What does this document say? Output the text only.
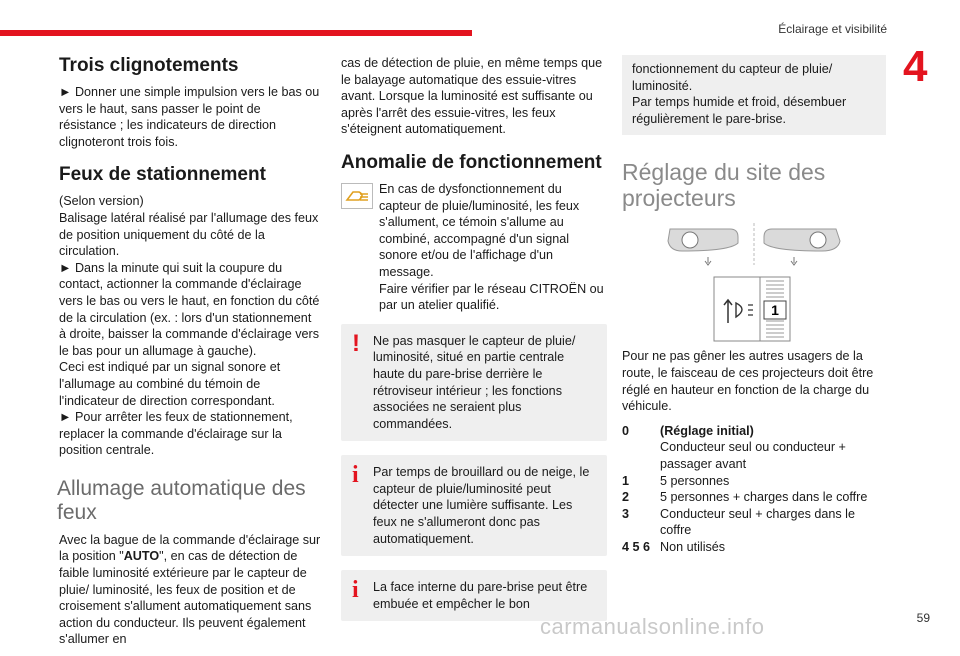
Éclairage et visibilité
4
Trois clignotements

► Donner une simple impulsion vers le bas ou vers le haut, sans passer le point de résistance ; les indicateurs de direction clignoteront trois fois.

Feux de stationnement

(Selon version)
Balisage latéral réalisé par l'allumage des feux de position uniquement du côté de la circulation.
► Dans la minute qui suit la coupure du contact, actionner la commande d'éclairage vers le bas ou vers le haut, en fonction du côté de la circulation (ex. : lors d'un stationnement à droite, baisser la commande d'éclairage vers le bas pour un allumage à gauche).
Ceci est indiqué par un signal sonore et l'allumage au combiné du témoin de l'indicateur de direction correspondant.
► Pour arrêter les feux de stationnement, replacer la commande d'éclairage sur la position centrale.

Allumage automatique des feux

Avec la bague de la commande d'éclairage sur la position "AUTO", en cas de détection de faible luminosité extérieure par le capteur de pluie/ luminosité, les feux de position et de croisement s'allument automatiquement sans action du conducteur. Ils peuvent également s'allumer en

cas de détection de pluie, en même temps que le balayage automatique des essuie-vitres avant. Lorsque la luminosité est suffisante ou après l'arrêt des essuie-vitres, les feux s'éteignent automatiquement.

Anomalie de fonctionnement

En cas de dysfonctionnement du capteur de pluie/luminosité, les feux s'allument, ce témoin s'allume au combiné, accompagné d'un signal sonore et/ou de l'affichage d'un message.
Faire vérifier par le réseau CITROËN ou par un atelier qualifié.

! Ne pas masquer le capteur de pluie/ luminosité, situé en partie centrale haute du pare-brise derrière le rétroviseur intérieur ; les fonctions associées ne seraient plus commandées.
i Par temps de brouillard ou de neige, le capteur de pluie/luminosité peut détecter une lumière suffisante. Les feux ne s'allumeront donc pas automatiquement.
i La face interne du pare-brise peut être embuée et empêcher le bon
fonctionnement du capteur de pluie/ luminosité.
Par temps humide et froid, désembuer régulièrement le pare-brise.
Réglage du site des projecteurs
1

Pour ne pas gêner les autres usagers de la route, le faisceau de ces projecteurs doit être réglé en hauteur en fonction de la charge du véhicule.

0	(Réglage initial)
Conducteur seul ou conducteur + passager avant
1	5 personnes
2	5 personnes + charges dans le coffre
3	Conducteur seul + charges dans le coffre
4 5 6	Non utilisés
carmanualsonline.info	59
